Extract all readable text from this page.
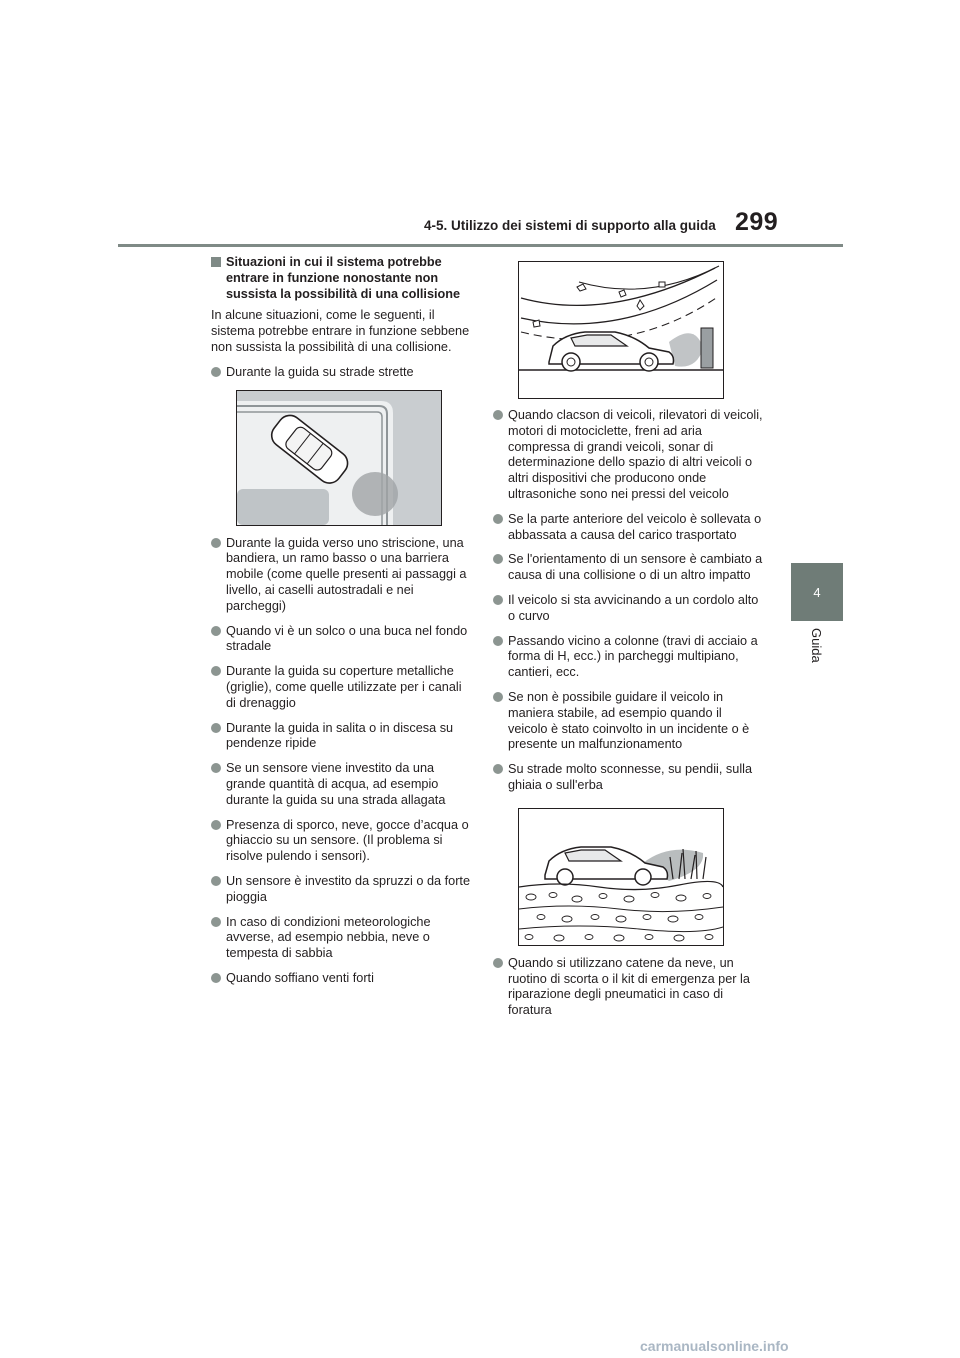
4-5. Utilizzo dei sistemi di supporto alla guida 299
4
Guida

Situazioni in cui il sistema potrebbe entrare in funzione nonostante non sussista la possibilità di una collisione

In alcune situazioni, come le seguenti, il sistema potrebbe entrare in funzione sebbene non sussista la possibilità di una collisione.

Durante la guida su strade strette

Durante la guida verso uno striscione, una bandiera, un ramo basso o una barriera mobile (come quelle presenti ai passaggi a livello, ai caselli autostradali e nei parcheggi)

Quando vi è un solco o una buca nel fondo stradale

Durante la guida su coperture metalliche (griglie), come quelle utilizzate per i canali di drenaggio

Durante la guida in salita o in discesa su pendenze ripide

Se un sensore viene investito da una grande quantità di acqua, ad esempio durante la guida su una strada allagata

Presenza di sporco, neve, gocce d’acqua o ghiaccio su un sensore. (Il problema si risolve pulendo i sensori).

Un sensore è investito da spruzzi o da forte pioggia

In caso di condizioni meteorologiche avverse, ad esempio nebbia, neve o tempesta di sabbia

Quando soffiano venti forti

Quando clacson di veicoli, rilevatori di veicoli, motori di motociclette, freni ad aria compressa di grandi veicoli, sonar di determinazione dello spazio di altri veicoli o altri dispositivi che producono onde ultrasoniche sono nei pressi del veicolo

Se la parte anteriore del veicolo è sollevata o abbassata a causa del carico trasportato

Se l'orientamento di un sensore è cambiato a causa di una collisione o di un altro impatto

Il veicolo si sta avvicinando a un cordolo alto o curvo

Passando vicino a colonne (travi di acciaio a forma di H, ecc.) in parcheggi multipiano, cantieri, ecc.

Se non è possibile guidare il veicolo in maniera stabile, ad esempio quando il veicolo è stato coinvolto in un incidente o è presente un malfunzionamento

Su strade molto sconnesse, su pendii, sulla ghiaia o sull'erba

Quando si utilizzano catene da neve, un ruotino di scorta o il kit di emergenza per la riparazione degli pneumatici in caso di foratura

carmanualsonline.info
